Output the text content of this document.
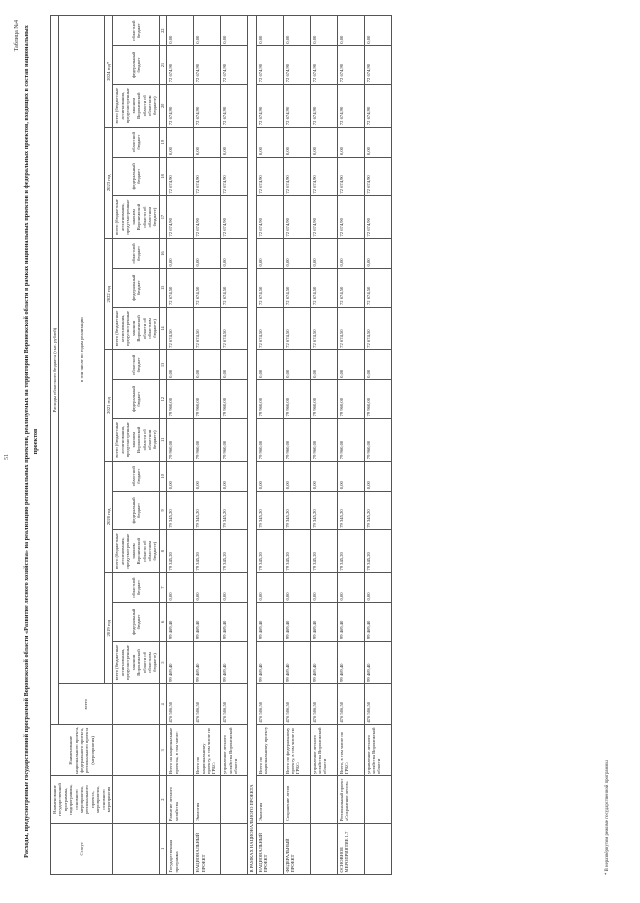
51
Таблица №4 Расходы, предусмотренные государственной программой Воронежской области «Развитие лесного хозяйства» на реализацию региональных проектов, реализуемых на территории Воронежской области в рамках национальных проектов и федеральных проектов, входящих в состав национальных проектов
Статус	Наименование государственной программы, подпрограммы, основного мероприятия, регионального проекта, мероприятия, основного мероприятия	Наименование национального проекта, федерального проекта, регионального проекта (мероприятия)	Расходы областного бюджета (тыс. рублей)																		
			всего	в том числе по годам реализации																	
				2019 год			2020 год			2021 год			2022 год			2023 год			2024 год*		
				всего (бюджетные ассигнования, предусмотренные законом Воронежской области об областном бюджете)	федеральный бюджет	областной бюджет	всего (бюджетные ассигнования, предусмотренные законом Воронежской области об областном бюджете)	федеральный бюджет	областной бюджет	всего (бюджетные ассигнования, предусмотренные законом Воронежской области об областном бюджете)	федеральный бюджет	областной бюджет	всего (бюджетные ассигнования, предусмотренные законом Воронежской области об областном бюджете)	федеральный бюджет	областной бюджет	всего (бюджетные ассигнования, предусмотренные законом Воронежской области об областном бюджете)	федеральный бюджет	областной бюджет	всего (бюджетные ассигнования, предусмотренные законом Воронежской области об областном бюджете)	федеральный бюджет	областной бюджет
1	2	3	4	5	6	7	8	9	10	11	12	13	14	15	16	17	18	19	20	21	22
Государственная программа	Развитие лесного хозяйства	Всего на национальные проекты, в том числе:	476 506,50	99 469,40	99 469,40	0,00	79 345,20	79 345,20	0,00	79 960,00	79 960,00	0,00	72 674,50	72 674,50	0,00	72 674,90	72 674,90	0,00	72 674,90	72 674,90	0,00
НАЦИОНАЛЬНЫЙ ПРОЕКТ	Экология	Всего по национальному проекту, в том числе по ГРБС:	476 506,50	99 469,40	99 469,40	0,00	79 345,20	79 345,20	0,00	79 960,00	79 960,00	0,00	72 674,50	72 674,50	0,00	72 674,90	72 674,90	0,00	72 674,90	72 674,90	0,00
		управление лесного хозяйства Воронежской области	476 506,50	99 469,40	99 469,40	0,00	79 345,20	79 345,20	0,00	79 960,00	79 960,00	0,00	72 674,50	72 674,50	0,00	72 674,90	72 674,90	0,00	72 674,90	72 674,90	0,00
В РАМКАХ НАЦИОНАЛЬНОГО ПРОЕКТА																					
НАЦИОНАЛЬНЫЙ ПРОЕКТ	Экология	Всего по национальному проекту	476 506,50	99 469,40	99 469,40	0,00	79 345,20	79 345,20	0,00	79 960,00	79 960,00	0,00	72 674,50	72 674,50	0,00	72 674,90	72 674,90	0,00	72 674,90	72 674,90	0,00
ФЕДЕРАЛЬНЫЙ ПРОЕКТ	Сохранение лесов	Всего по федеральному проекту, в том числе по ГРБС:	476 506,50	99 469,40	99 469,40	0,00	79 345,20	79 345,20	0,00	79 960,00	79 960,00	0,00	72 674,50	72 674,50	0,00	72 674,90	72 674,90	0,00	72 674,90	72 674,90	0,00
		управление лесного хозяйства Воронежской области	476 506,50	99 469,40	99 469,40	0,00	79 345,20	79 345,20	0,00	79 960,00	79 960,00	0,00	72 674,50	72 674,50	0,00	72 674,90	72 674,90	0,00	72 674,90	72 674,90	0,00
ОСНОВНОЕ МЕРОПРИЯТИЕ 1.7	Региональный проект «Сохранение лесов»	Всего, в том числе по ГРБС:	476 506,50	99 469,40	99 469,40	0,00	79 345,20	79 345,20	0,00	79 960,00	79 960,00	0,00	72 674,50	72 674,50	0,00	72 674,90	72 674,90	0,00	72 674,90	72 674,90	0,00
		управление лесного хозяйства Воронежской области	476 506,50	99 469,40	99 469,40	0,00	79 345,20	79 345,20	0,00	79 960,00	79 960,00	0,00	72 674,50	72 674,50	0,00	72 674,90	72 674,90	0,00	72 674,90	72 674,90	0,00
* В неразвёрнутом режиме государственной программы
